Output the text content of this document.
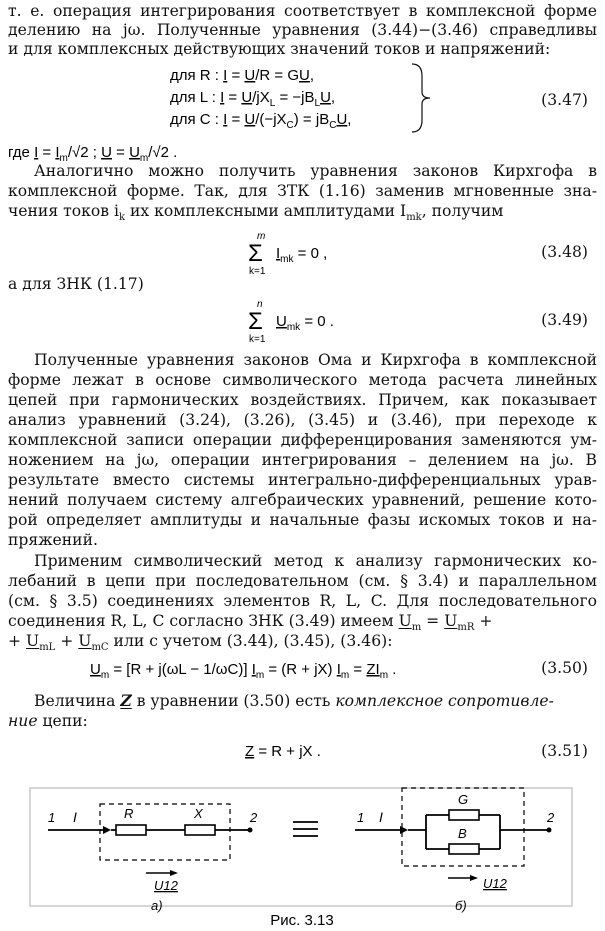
т. е. операция интегрирования соответствует в комплексной форме
делению на jω. Полученные уравнения (3.44)−(3.46) справедливы
и для комплексных действующих значений токов и напряжений:
для R : I = U/R = GU,
для L : $I = U/jX_L = -jB_LU$,
для C : $I = U/(-jX_C) = jB_CU$,
(3.47)
где $I = I_m/√2$ ; $U = U_m/√2$ .
Аналогично можно получить уравнения законов Кирхгофа в
комплексной форме. Так, для ЗТК (1.16) заменив мгновенные зна-
чения токов $i_k$ их комплексными амплитудами $I_{mk}$, получим
m
Σ
k=1
$I_{mk} = 0$ ,	(3.48)
а для ЗНК (1.17)
n
Σ
k=1
$U_{mk} = 0$ .	(3.49)
Полученные уравнения законов Ома и Кирхгофа в комплексной
форме лежат в основе символического метода расчета линейных
цепей при гармонических воздействиях. Причем, как показывает
анализ уравнений (3.24), (3.26), (3.45) и (3.46), при переходе к
комплексной записи операции дифференцирования заменяются ум-
ножением на jω, операции интегрирования – делением на jω. В
результате вместо системы интегрально-дифференциальных урав-
нений получаем систему алгебраических уравнений, решение кото-
рой определяет амплитуды и начальные фазы искомых токов и на-
пряжений.
Применим символический метод к анализу гармонических ко-
лебаний в цепи при последовательном (см. § 3.4) и параллельном
(см. § 3.5) соединениях элементов R, L, C. Для последовательного
соединения R, L, C согласно ЗНК (3.49) имеем $U_m = U_{mR}$ +
+ $U_{mL} + U_{mC}$ или с учетом (3.44), (3.45), (3.46):
$U_m = [R + j(\omega L - 1/\omega C)] I_m = (R + jX) I_m = ZI_m$ .	(3.50)
Величина Z в уравнении (3.50) есть комплексное сопротивле-
ние цепи:
Z = R + jX .	(3.51)
1 I	R	X	2
U12
а)
1 I
G
B
2
U12
б)
Рис. 3.13
